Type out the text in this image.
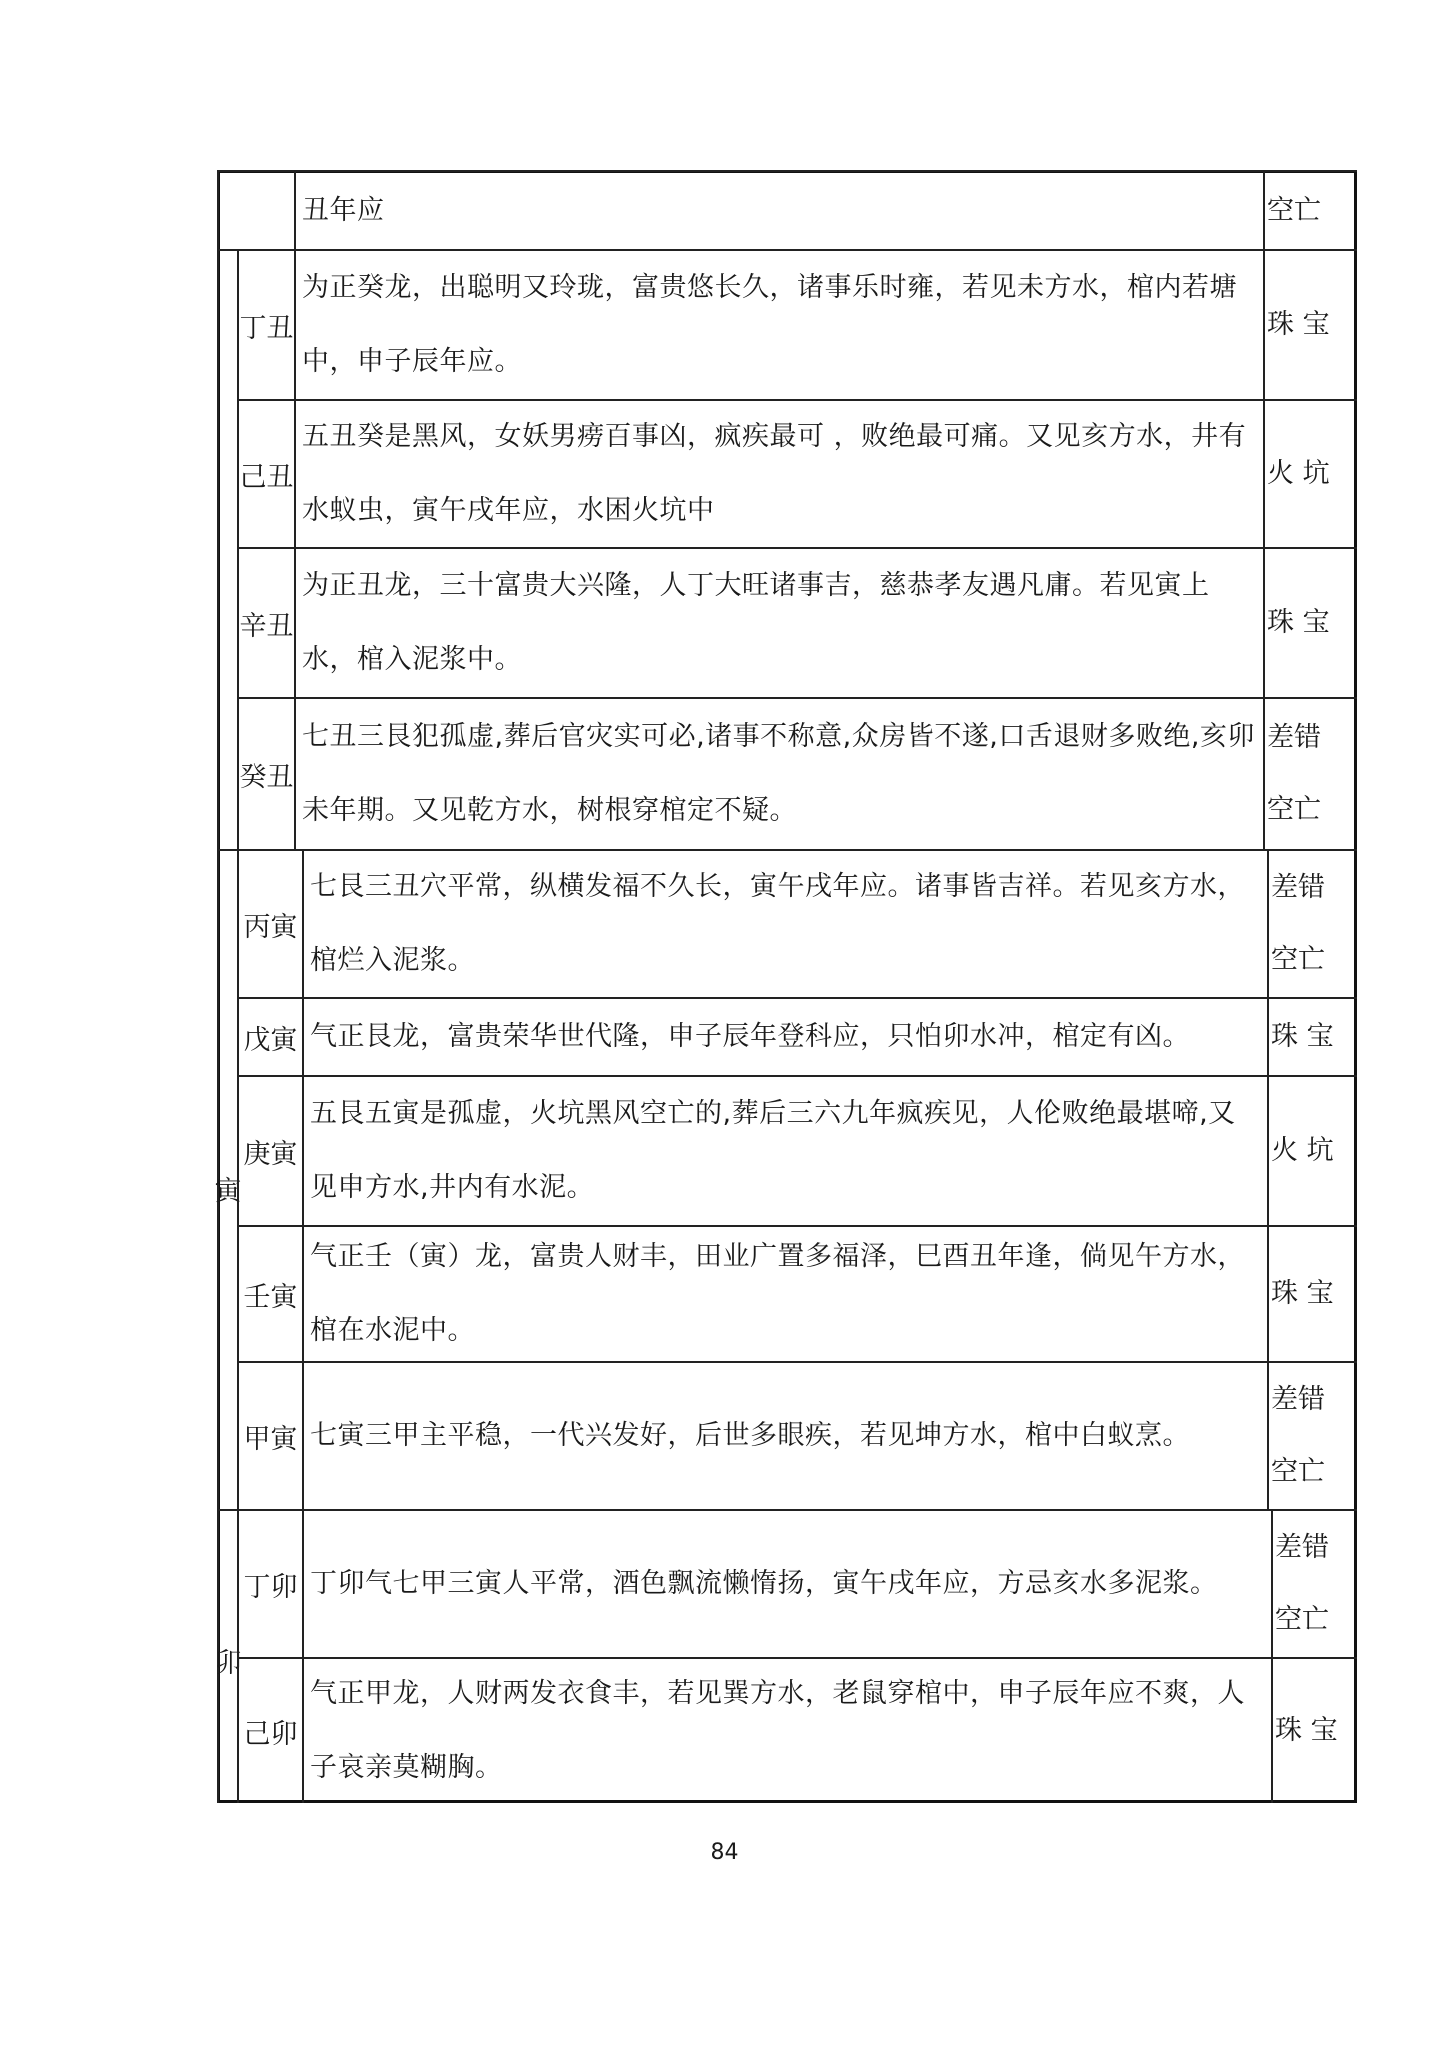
丑年应	空亡
寅
卯
丁丑
为正癸龙，出聪明又玲珑，富贵悠长久，诸事乐时雍，若见未方水，棺内若塘中，申子辰年应。
珠 宝
己丑
五丑癸是黑风，女妖男痨百事凶，疯疾最可 ，败绝最可痛。又见亥方水，井有水蚁虫，寅午戌年应，水困火坑中
火 坑
辛丑
为正丑龙，三十富贵大兴隆，人丁大旺诸事吉，慈恭孝友遇凡庸。若见寅上水，棺入泥浆中。
珠 宝
癸丑
七丑三艮犯孤虚,葬后官灾实可必,诸事不称意,众房皆不遂,口舌退财多败绝,亥卯未年期。又见乾方水，树根穿棺定不疑。
差错
空亡
丙寅
七艮三丑穴平常，纵横发福不久长，寅午戌年应。诸事皆吉祥。若见亥方水，棺烂入泥浆。
差错
空亡
戊寅 气正艮龙，富贵荣华世代隆，申子辰年登科应，只怕卯水冲，棺定有凶。	珠 宝
庚寅
五艮五寅是孤虚，火坑黑风空亡的,葬后三六九年疯疾见，人伦败绝最堪啼,又见申方水,井内有水泥。
火 坑
壬寅
气正壬（寅）龙，富贵人财丰，田业广置多福泽，巳酉丑年逢，倘见午方水，棺在水泥中。
珠 宝
甲寅 七寅三甲主平稳，一代兴发好，后世多眼疾，若见坤方水，棺中白蚁烹。
差错
空亡
丁卯 丁卯气七甲三寅人平常，酒色飘流懒惰扬，寅午戌年应，方忌亥水多泥浆。
差错
空亡
己卯
气正甲龙，人财两发衣食丰，若见巽方水，老鼠穿棺中，申子辰年应不爽，人子哀亲莫糊胸。
珠 宝
84
